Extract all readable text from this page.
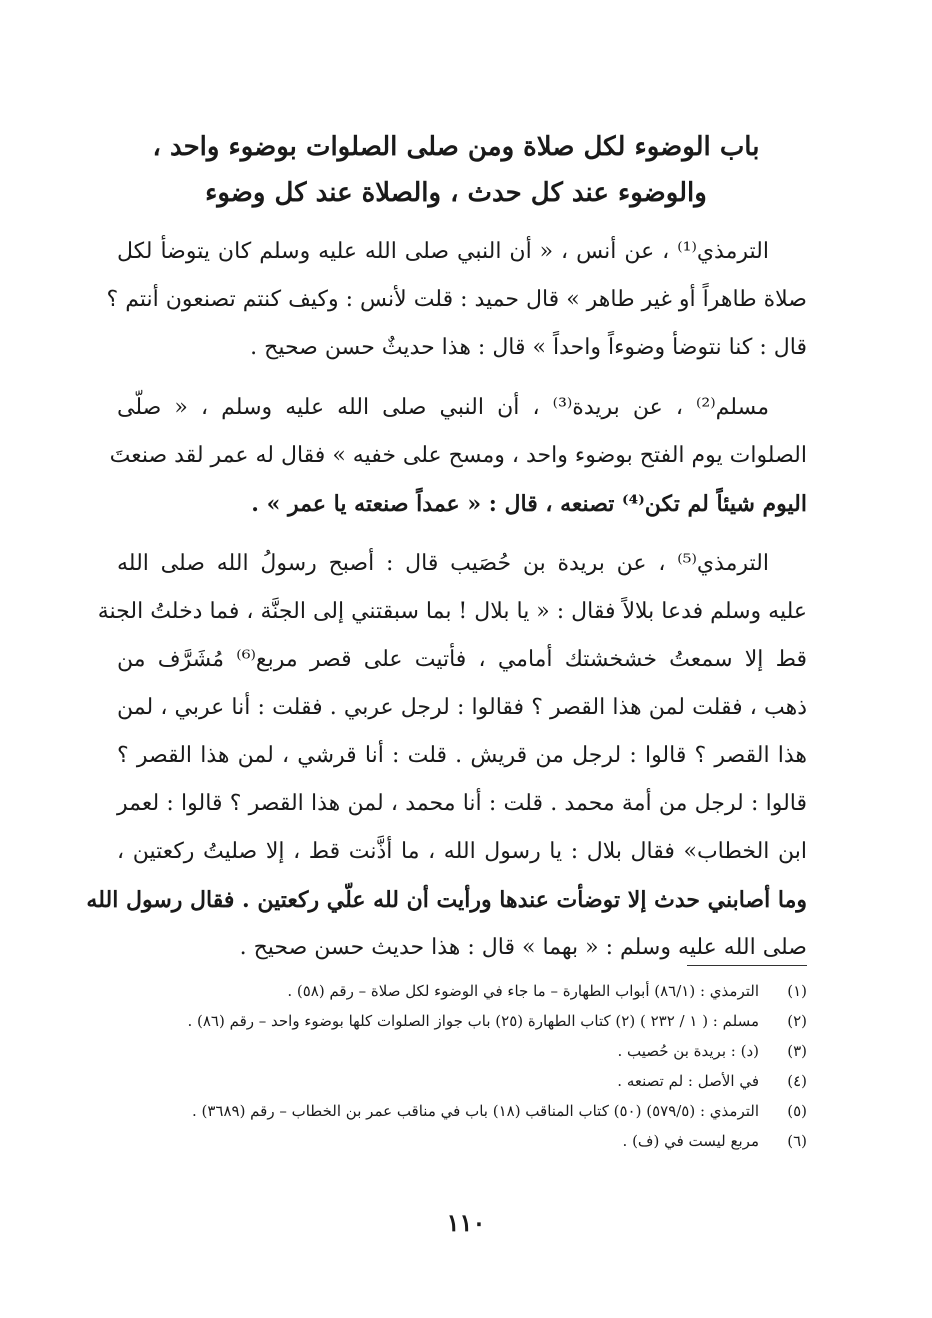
باب الوضوء لكل صلاة ومن صلى الصلوات بوضوء واحد ،
والوضوء عند كل حدث ، والصلاة عند كل وضوء
الترمذي⁽¹⁾ ، عن أنس ، « أن النبي صلى الله عليه وسلم كان يتوضأ لكل
صلاة طاهراً أو غير طاهر » قال حميد : قلت لأنس : وكيف كنتم تصنعون أنتم ؟
قال : كنا نتوضأ وضوءاً واحداً » قال : هذا حديثٌ حسن صحيح .
مسلم⁽²⁾ ، عن بريدة⁽³⁾ ، أن النبي صلى الله عليه وسلم ، « صلّى
الصلوات يوم الفتح بوضوء واحد ، ومسح على خفيه » فقال له عمر لقد صنعتَ
اليوم شيئاً لم تكن⁽⁴⁾ تصنعه ، قال : « عمداً صنعته يا عمر » .
الترمذي⁽⁵⁾ ، عن بريدة بن حُصَيب قال : أصبح رسولُ الله صلى الله
عليه وسلم فدعا بلالاً فقال : « يا بلال ! بما سبقتني إلى الجنَّة ، فما دخلتُ الجنة
قط إلا سمعتُ خشخشتك أمامي ، فأتيت على قصر مربع⁽⁶⁾ مُشَرَّف من
ذهب ، فقلت لمن هذا القصر ؟ فقالوا : لرجل عربي . فقلت : أنا عربي ، لمن
هذا القصر ؟ قالوا : لرجل من قريش . قلت : أنا قرشي ، لمن هذا القصر ؟
قالوا : لرجل من أمة محمد . قلت : أنا محمد ، لمن هذا القصر ؟ قالوا : لعمر
ابن الخطاب» فقال بلال : يا رسول الله ، ما أذَّنت قط ، إلا صليتُ ركعتين ،
وما أصابني حدث إلا توضأت عندها ورأيت أن لله علّي ركعتين . فقال رسول الله
صلى الله عليه وسلم : « بهما » قال : هذا حديث حسن صحيح .
(١)
الترمذي : (٨٦/١) أبواب الطهارة – ما جاء في الوضوء لكل صلاة – رقم (٥٨) .
(٢)
مسلم : ( ١ / ٢٣٢ ) (٢) كتاب الطهارة (٢٥) باب جواز الصلوات كلها بوضوء واحد – رقم (٨٦) .
(٣)
(د) : بريدة بن حُصيب .
(٤)
في الأصل : لم تصنعه .
(٥)
الترمذي : (٥٧٩/٥) (٥٠) كتاب المناقب (١٨) باب في مناقب عمر بن الخطاب – رقم (٣٦٨٩) .
(٦)
مربع ليست في (ف) .
١١٠
